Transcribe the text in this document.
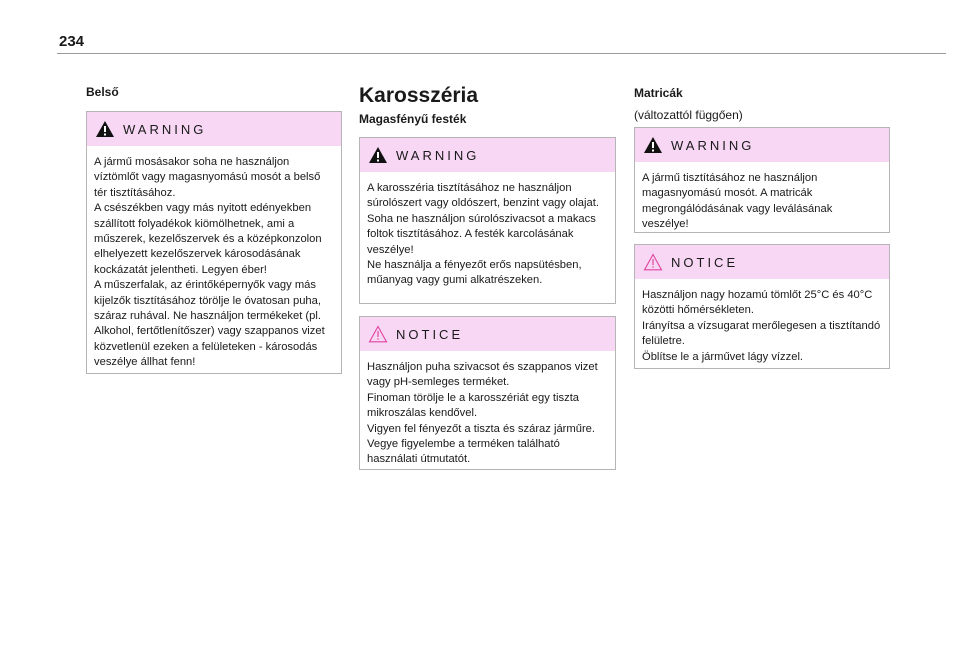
234
Belső
WARNING
A jármű mosásakor soha ne használjon víztömlőt vagy magasnyomású mosót a belső tér tisztításához.
A csészékben vagy más nyitott edényekben szállított folyadékok kiömölhetnek, ami a műszerek, kezelőszervek és a középkonzolon elhelyezett kezelőszervek károsodásának kockázatát jelentheti. Legyen éber!
A műszerfalak, az érintőképernyők vagy más kijelzők tisztításához törölje le óvatosan puha, száraz ruhával. Ne használjon termékeket (pl. Alkohol, fertőtlenítőszer) vagy szappanos vizet közvetlenül ezeken a felületeken - károsodás veszélye állhat fenn!
Karosszéria
Magasfényű festék
WARNING
A karosszéria tisztításához ne használjon súrolószert vagy oldószert, benzint vagy olajat.
Soha ne használjon súrolószivacsot a makacs foltok tisztításához. A festék karcolásának veszélye!
Ne használja a fényezőt erős napsütésben, műanyag vagy gumi alkatrészeken.
NOTICE
Használjon puha szivacsot és szappanos vizet vagy pH-semleges terméket.
Finoman törölje le a karosszériát egy tiszta mikroszálas kendővel.
Vigyen fel fényezőt a tiszta és száraz járműre.
Vegye figyelembe a terméken található használati útmutatót.
Matricák
(változattól függően)
WARNING
A jármű tisztításához ne használjon magasnyomású mosót. A matricák megrongálódásának vagy leválásának veszélye!
NOTICE
Használjon nagy hozamú tömlőt 25°C és 40°C közötti hőmérsékleten.
Irányítsa a vízsugarat merőlegesen a tisztítandó felületre.
Öblítse le a járművet lágy vízzel.
